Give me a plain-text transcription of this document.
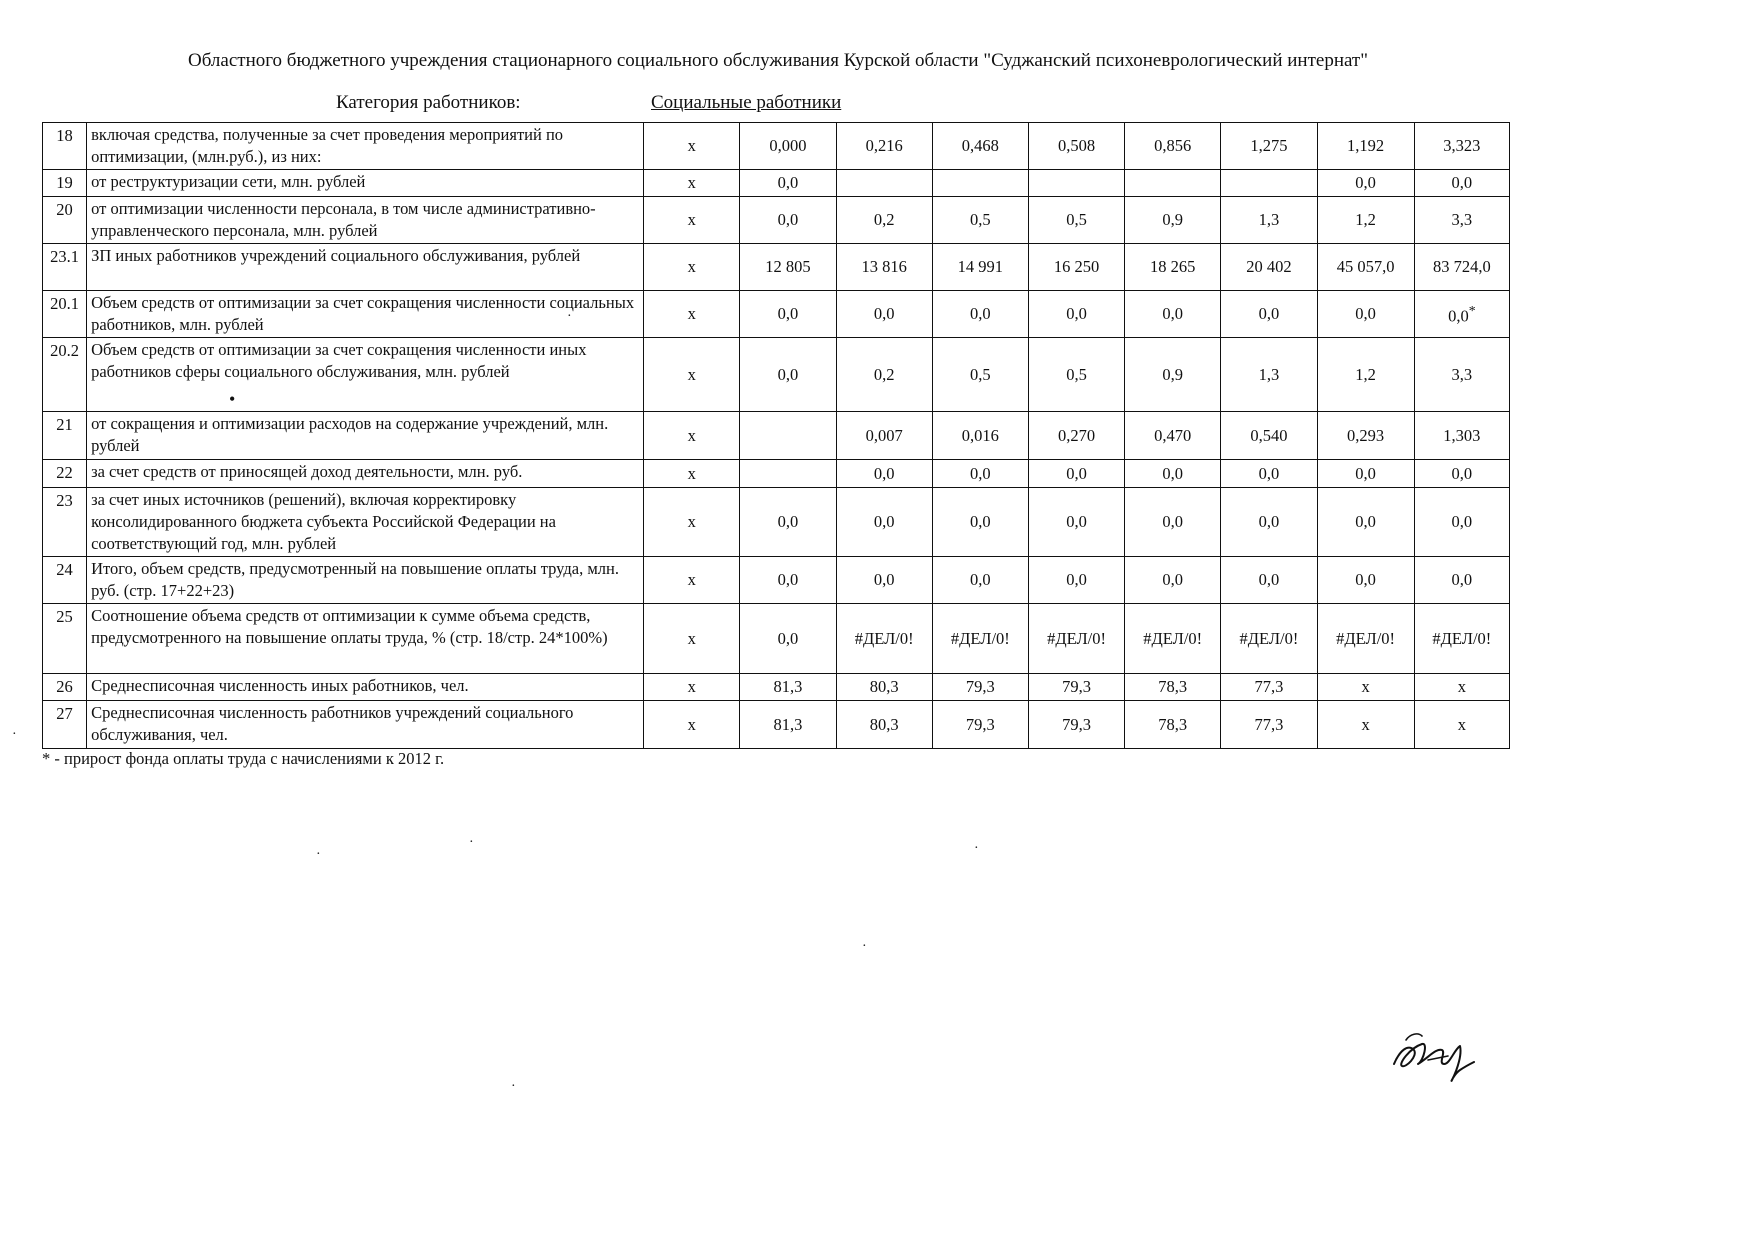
Областного бюджетного учреждения стационарного социального обслуживания Курской области "Суджанский психоневрологический интернат"
Категория работников:	Социальные работники
18	включая средства, полученные за счет проведения мероприятий по оптимизации, (млн.руб.), из них:	х	0,000	0,216	0,468	0,508	0,856	1,275	1,192	3,323
19	от реструктуризации сети, млн. рублей	х	0,0						0,0	0,0
20	от оптимизации численности персонала, в том числе административно-управленческого персонала, млн. рублей	х	0,0	0,2	0,5	0,5	0,9	1,3	1,2	3,3
23.1	ЗП иных работников учреждений социального обслуживания, рублей	х	12 805	13 816	14 991	16 250	18 265	20 402	45 057,0	83 724,0
20.1	Объем средств от оптимизации за счет сокращения численности социальных работников, млн. рублей	х	0,0	0,0	0,0	0,0	0,0	0,0	0,0	0,0*
20.2	Объем средств от оптимизации за счет сокращения численности иных работников сферы социального обслуживания, млн. рублей	х	0,0	0,2	0,5	0,5	0,9	1,3	1,2	3,3
21	от сокращения и оптимизации расходов на содержание учреждений, млн. рублей	х		0,007	0,016	0,270	0,470	0,540	0,293	1,303
22	за счет средств от приносящей доход деятельности, млн. руб.	х		0,0	0,0	0,0	0,0	0,0	0,0	0,0
23	за счет иных источников (решений), включая корректировку консолидированного бюджета субъекта Российской Федерации на соответствующий год, млн. рублей	х	0,0	0,0	0,0	0,0	0,0	0,0	0,0	0,0
24	Итого, объем средств, предусмотренный на повышение оплаты труда, млн. руб. (стр. 17+22+23)	х	0,0	0,0	0,0	0,0	0,0	0,0	0,0	0,0
25	Соотношение объема средств от оптимизации к сумме объема средств, предусмотренного на повышение оплаты труда, % (стр. 18/стр. 24*100%)	х	0,0	#ДЕЛ/0!	#ДЕЛ/0!	#ДЕЛ/0!	#ДЕЛ/0!	#ДЕЛ/0!	#ДЕЛ/0!	#ДЕЛ/0!
26	Среднесписочная численность иных работников, чел.	х	81,3	80,3	79,3	79,3	78,3	77,3	х	х
27	Среднесписочная численность работников учреждений социального обслуживания, чел.	х	81,3	80,3	79,3	79,3	78,3	77,3	х	х
* - прирост фонда оплаты труда с начислениями к 2012 г.
·
•
·
·
·	·
·
·
